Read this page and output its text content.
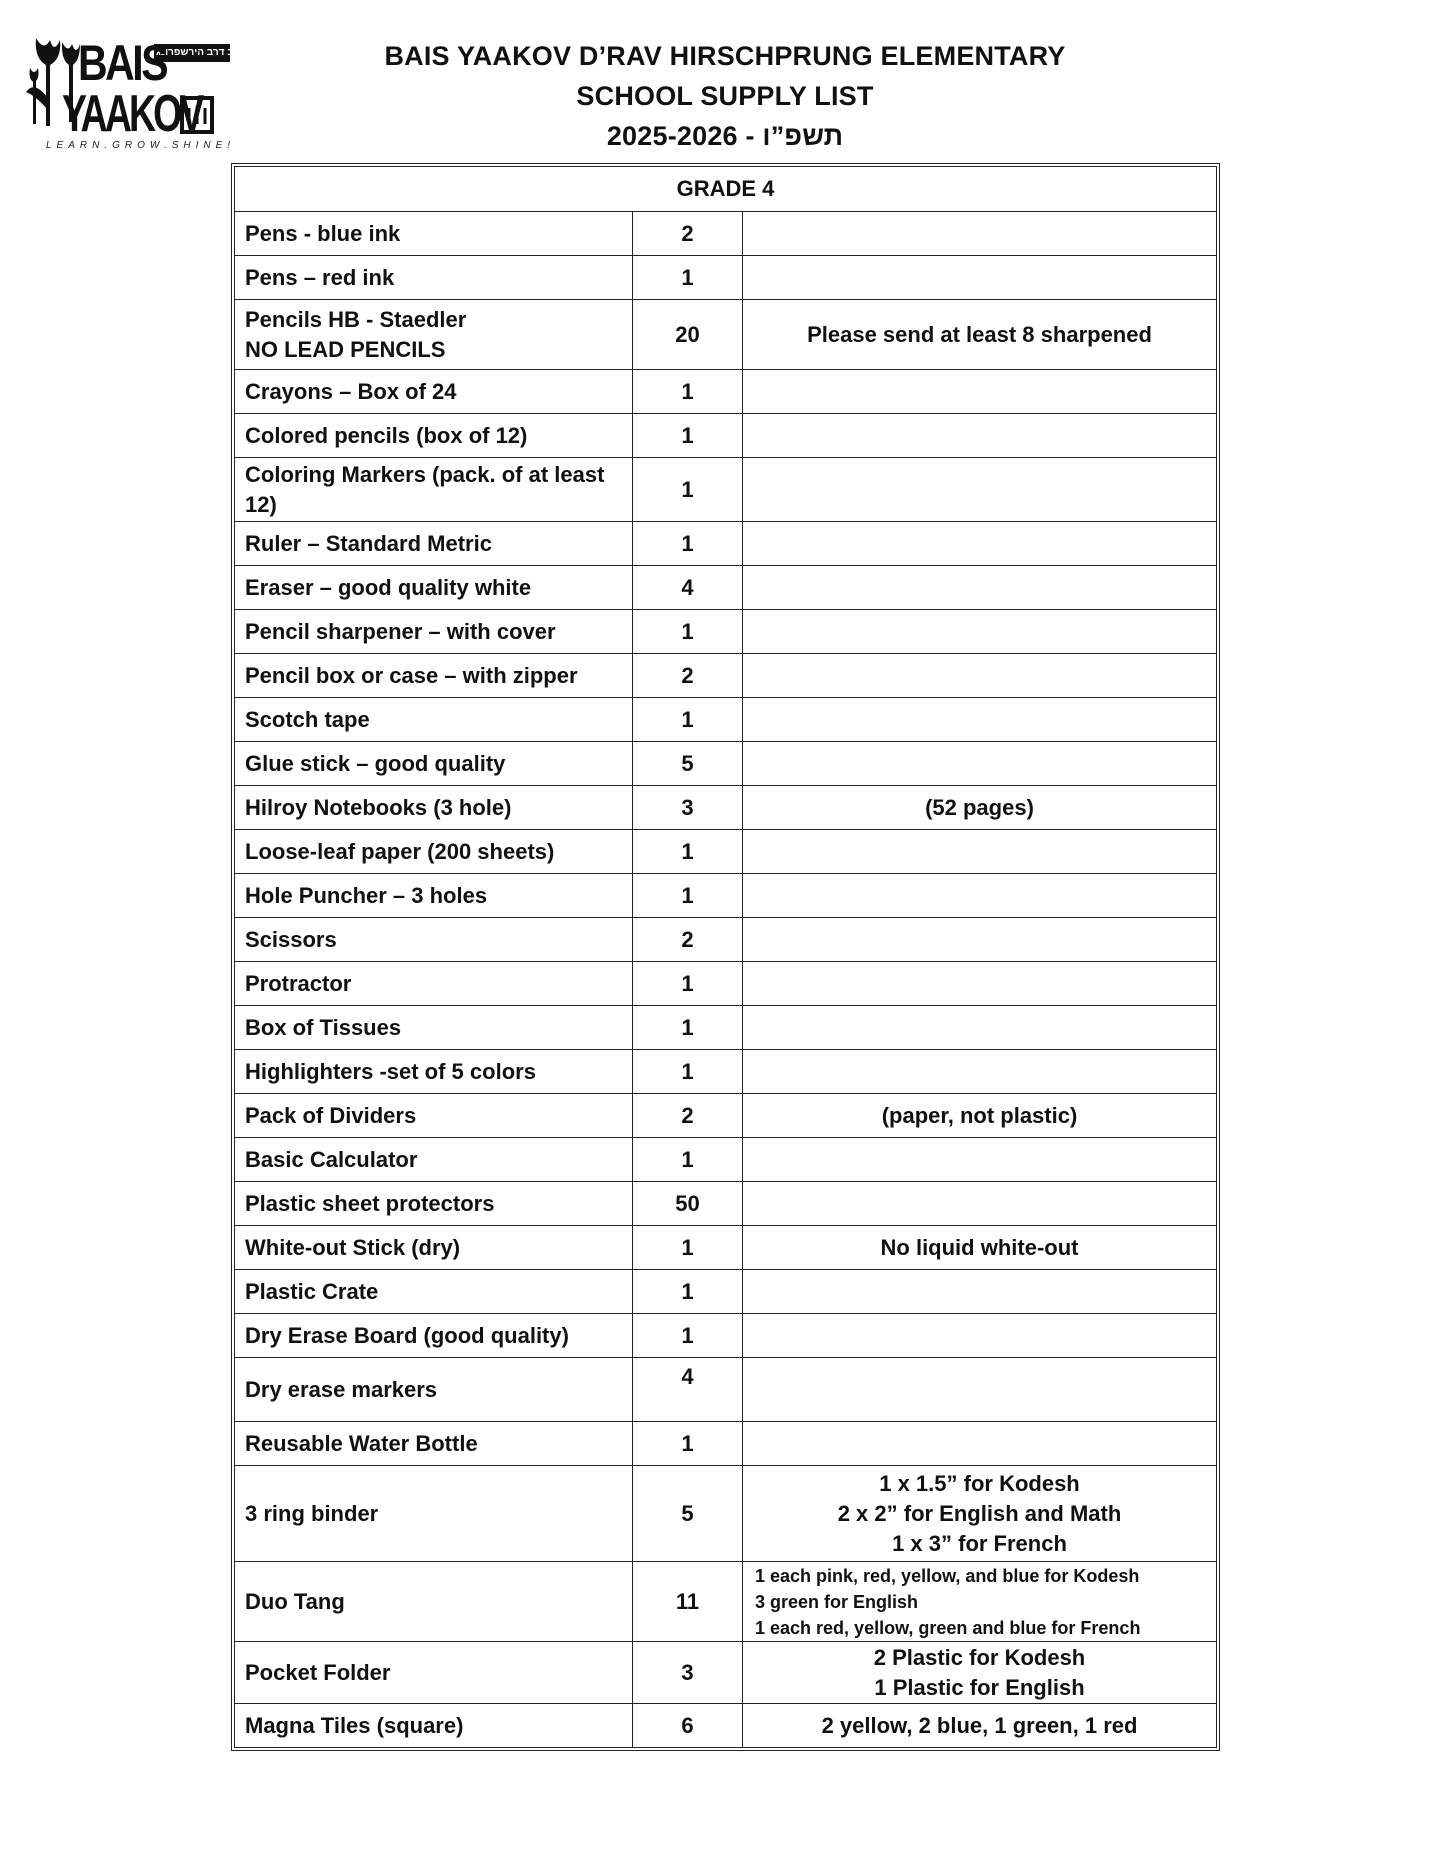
בית יעקב דרב הירשפרונג
BAIS
YAAKOV
LEARN.GROW.SHINE!
BAIS YAAKOV D’RAV HIRSCHPRUNG ELEMENTARY
SCHOOL SUPPLY LIST
2025-2026 - תשפ”ו
GRADE 4		

Pens - blue ink	2	

Pens – red ink	1	

Pencils HB - Staedler
NO LEAD PENCILS	20	Please send at least 8 sharpened

Crayons – Box of 24	1	

Colored pencils (box of 12)	1	

Coloring Markers (pack. of at least 12)	1	

Ruler – Standard Metric	1	

Eraser – good quality white	4	

Pencil sharpener – with cover	1	

Pencil box or case – with zipper	2	

Scotch tape	1	

Glue stick – good quality	5	

Hilroy Notebooks (3 hole)	3	(52 pages)

Loose-leaf paper (200 sheets)	1	

Hole Puncher – 3 holes	1	

Scissors	2	

Protractor	1	

Box of Tissues	1	

Highlighters -set of 5 colors	1	

Pack of Dividers	2	(paper, not plastic)

Basic Calculator	1	

Plastic sheet protectors	50	

White-out Stick (dry)	1	No liquid white-out

Plastic Crate	1	

Dry Erase Board (good quality)	1	

Dry erase markers	4	

Reusable Water Bottle	1	

3 ring binder	5	1 x 1.5” for Kodesh
2 x 2” for English and Math
1 x 3” for French

Duo Tang	11	1 each pink, red, yellow, and blue for Kodesh
3 green for English
1 each red, yellow, green and blue for French

Pocket Folder	3	2 Plastic for Kodesh
1 Plastic for English

Magna Tiles (square)	6	2 yellow, 2 blue, 1 green, 1 red
